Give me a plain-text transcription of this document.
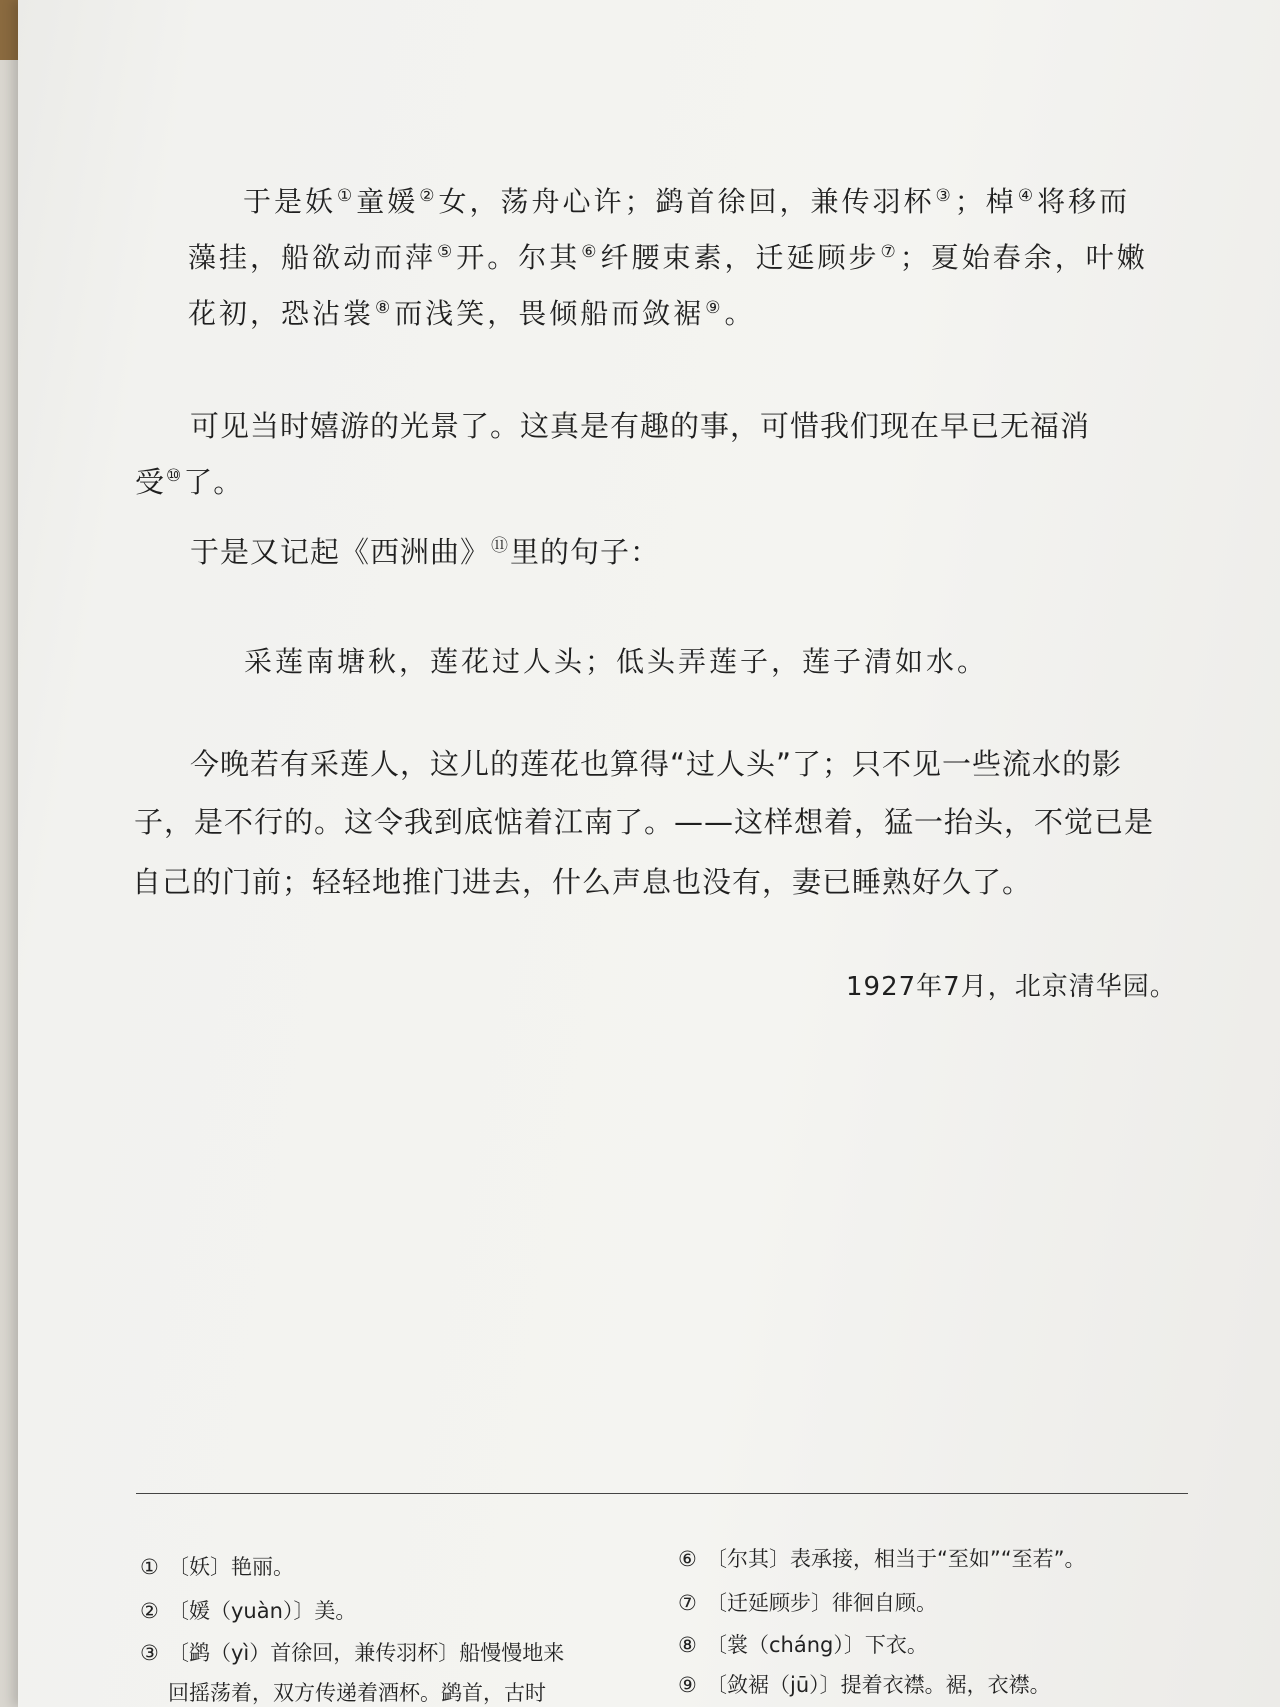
于是妖①童媛②女，荡舟心许；鹢首徐回，兼传羽杯③；棹④将移而
藻挂，船欲动而萍⑤开。尔其⑥纤腰束素，迁延顾步⑦；夏始春余，叶嫩
花初，恐沾裳⑧而浅笑，畏倾船而敛裾⑨。
可见当时嬉游的光景了。这真是有趣的事，可惜我们现在早已无福消
受⑩了。
于是又记起《西洲曲》⑪里的句子：
采莲南塘秋，莲花过人头；低头弄莲子，莲子清如水。
今晚若有采莲人，这儿的莲花也算得“过人头”了；只不见一些流水的影
子，是不行的。这令我到底惦着江南了。——这样想着，猛一抬头，不觉已是
自己的门前；轻轻地推门进去，什么声息也没有，妻已睡熟好久了。
1927年7月，北京清华园。
① 〔妖〕艳丽。
② 〔媛（yuàn）〕美。
③ 〔鹢（yì）首徐回，兼传羽杯〕船慢慢地来
回摇荡着，双方传递着酒杯。鹢首，古时
⑥ 〔尔其〕表承接，相当于“至如”“至若”。
⑦ 〔迁延顾步〕徘徊自顾。
⑧ 〔裳（cháng）〕下衣。
⑨ 〔敛裾（jū）〕提着衣襟。裾，衣襟。
